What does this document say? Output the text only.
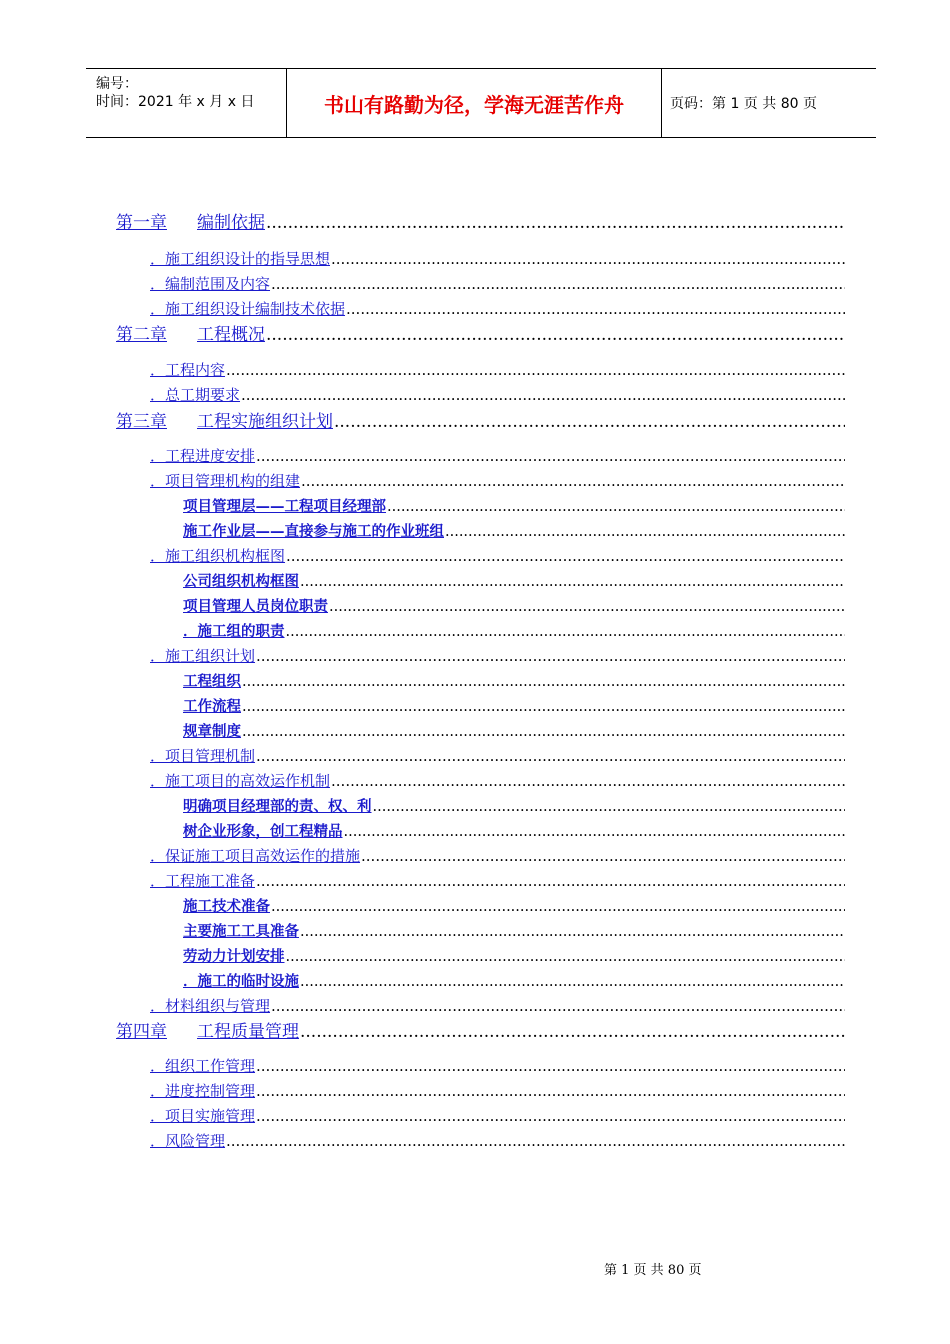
编号：
时间：2021 年 x 月 x 日	书山有路勤为径，学海无涯苦作舟	页码：第 1 页 共 80 页
第一章 编制依据
.....
．施工组织设计的指导思想
.....
．编制范围及内容
.....
．施工组织设计编制技术依据
.....
第二章 工程概况
.....
．工程内容
.....
．总工期要求
.....
第三章 工程实施组织计划
.....
．工程进度安排
.....
．项目管理机构的组建
.....
项目管理层——工程项目经理部
.....
施工作业层——直接参与施工的作业班组
.....
．施工组织机构框图
.....
公司组织机构框图
.....
项目管理人员岗位职责
.....
．施工组的职责
.....
．施工组织计划
.....
工程组织
.....
工作流程
.....
规章制度
.....
．项目管理机制
.....
．施工项目的高效运作机制
.....
明确项目经理部的责、权、利
.....
树企业形象，创工程精品
.....
．保证施工项目高效运作的措施
.....
．工程施工准备
.....
施工技术准备
.....
主要施工工具准备
.....
劳动力计划安排
.....
．施工的临时设施
.....
．材料组织与管理
.....
第四章 工程质量管理
.....
．组织工作管理
.....
．进度控制管理
.....
．项目实施管理
.....
．风险管理
.....
第 1 页 共 80 页
